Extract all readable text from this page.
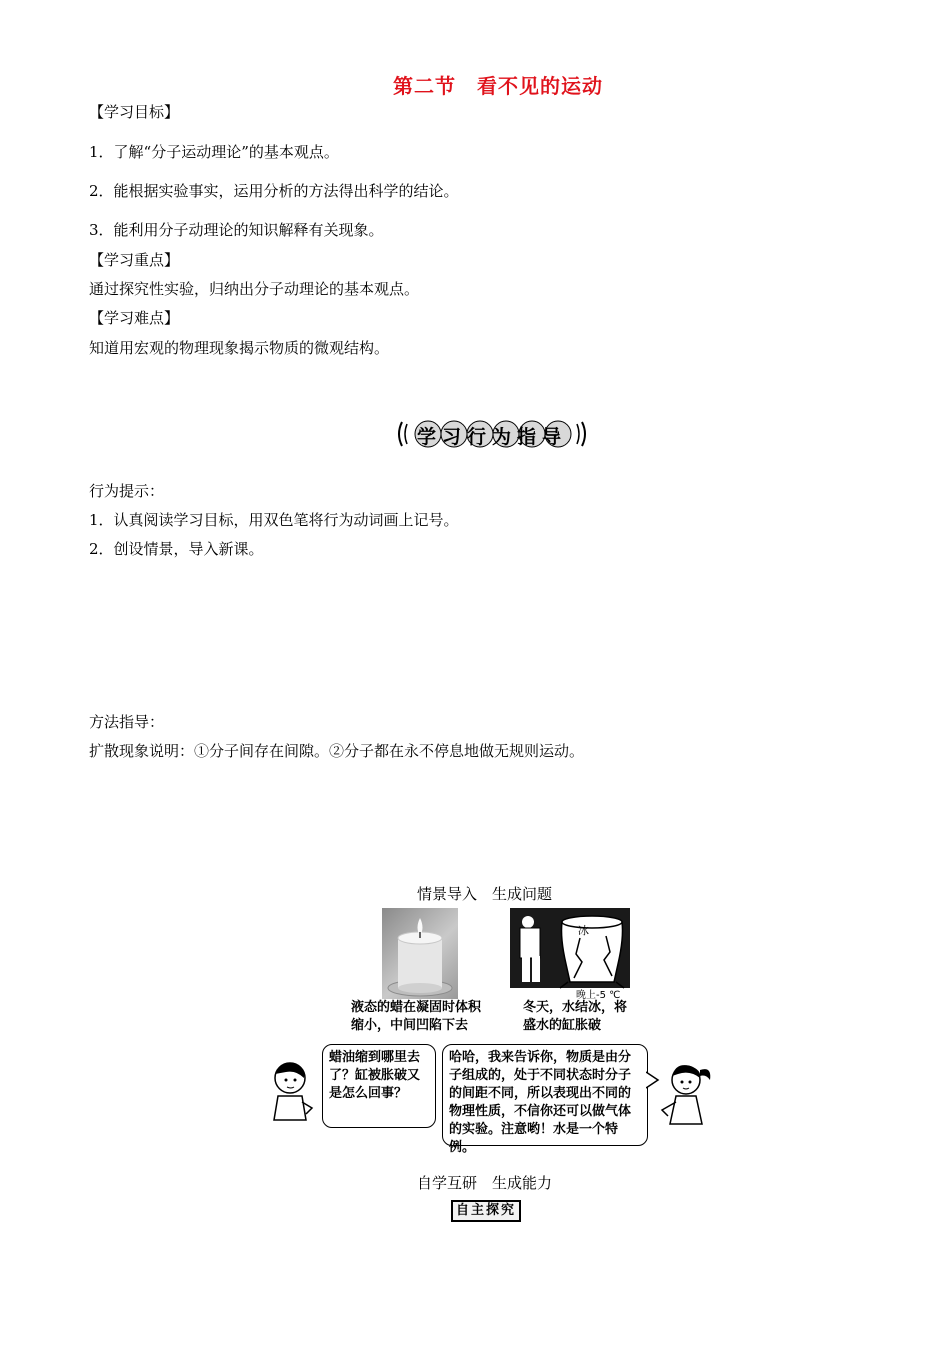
第二节　看不见的运动
【学习目标】
1．了解“分子运动理论”的基本观点。
2．能根据实验事实，运用分析的方法得出科学的结论。
3．能利用分子动理论的知识解释有关现象。
【学习重点】
通过探究性实验，归纳出分子动理论的基本观点。
【学习难点】
知道用宏观的物理现象揭示物质的微观结构。
学习行为指导
行为提示：
1．认真阅读学习目标，用双色笔将行为动词画上记号。
2．创设情景，导入新课。
方法指导：
扩散现象说明：①分子间存在间隙。②分子都在永不停息地做无规则运动。
情景导入　生成问题
冰
晚上-5 ℃
液态的蜡在凝固时体积缩小，中间凹陷下去
冬天，水结冰，将盛水的缸胀破
蜡油缩到哪里去了？缸被胀破又是怎么回事？
哈哈，我来告诉你，物质是由分子组成的，处于不同状态时分子的间距不同，所以表现出不同的物理性质，不信你还可以做气体的实验。注意哟！水是一个特例。
自学互研　生成能力
自主探究
